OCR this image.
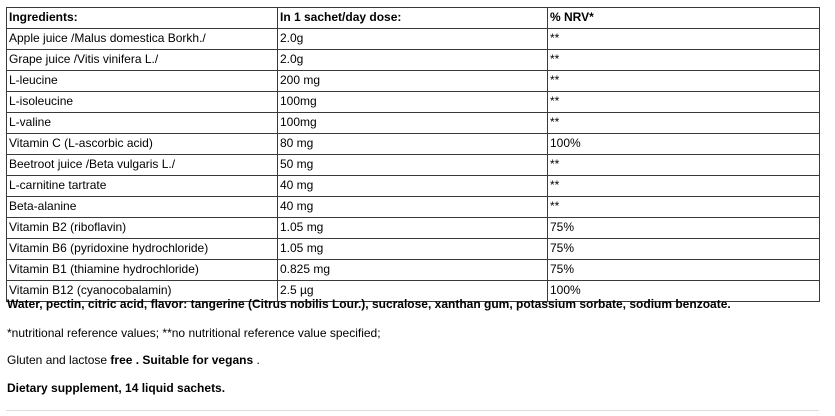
Ingredients:	In 1 sachet/day dose:	% NRV*
Apple juice /Malus domestica Borkh./	2.0g	**
Grape juice /Vitis vinifera L./	2.0g	**
L-leucine	200 mg	**
L-isoleucine	100mg	**
L-valine	100mg	**
Vitamin C (L-ascorbic acid)	80 mg	100%
Beetroot juice /Beta vulgaris L./	50 mg	**
L-carnitine tartrate	40 mg	**
Beta-alanine	40 mg	**
Vitamin B2 (riboflavin)	1.05 mg	75%
Vitamin B6 (pyridoxine hydrochloride)	1.05 mg	75%
Vitamin B1 (thiamine hydrochloride)	0.825 mg	75%
Vitamin B12 (cyanocobalamin)	2.5 µg	100%

Water, pectin, citric acid, flavor: tangerine (Citrus nobilis Lour.), sucralose, xanthan gum, potassium sorbate, sodium benzoate.

*nutritional reference values; **no nutritional reference value specified;

Gluten and lactose free . Suitable for vegans .

Dietary supplement, 14 liquid sachets.
